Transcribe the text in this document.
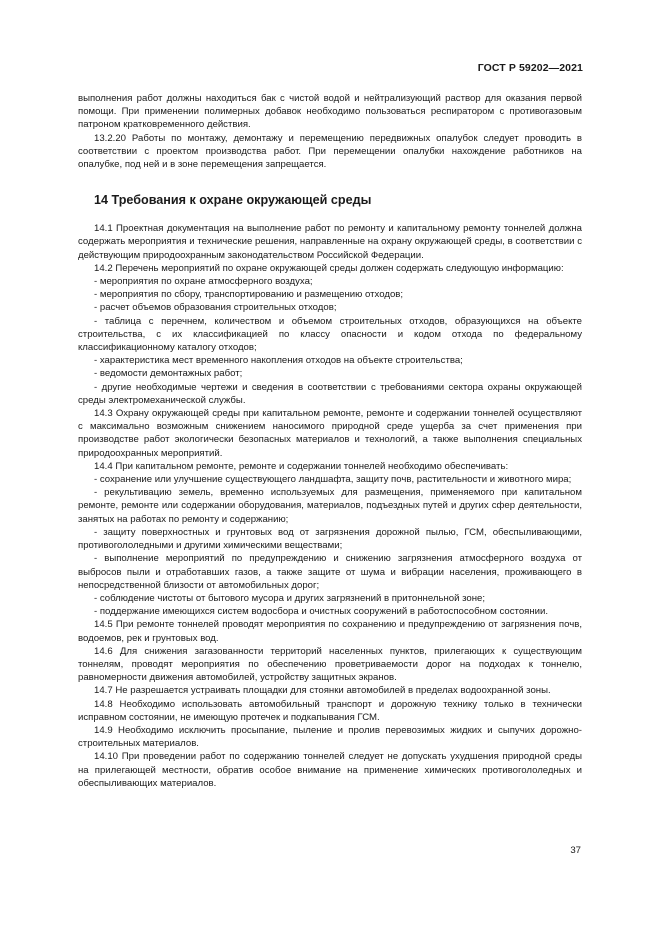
ГОСТ Р 59202—2021

выполнения работ должны находиться бак с чистой водой и нейтрализующий раствор для оказания первой помощи. При применении полимерных добавок необходимо пользоваться респиратором с противогазовым патроном кратковременного действия.

13.2.20 Работы по монтажу, демонтажу и перемещению передвижных опалубок следует проводить в соответствии с проектом производства работ. При перемещении опалубки нахождение работников на опалубке, под ней и в зоне перемещения запрещается.

14 Требования к охране окружающей среды

14.1 Проектная документация на выполнение работ по ремонту и капитальному ремонту тоннелей должна содержать мероприятия и технические решения, направленные на охрану окружающей среды, в соответствии с действующим природоохранным законодательством Российской Федерации.

14.2 Перечень мероприятий по охране окружающей среды должен содержать следующую информацию:

- мероприятия по охране атмосферного воздуха;

- мероприятия по сбору, транспортированию и размещению отходов;

- расчет объемов образования строительных отходов;

- таблица с перечнем, количеством и объемом строительных отходов, образующихся на объекте строительства, с их классификацией по классу опасности и кодом отхода по федеральному классификационному каталогу отходов;

- характеристика мест временного накопления отходов на объекте строительства;

- ведомости демонтажных работ;

- другие необходимые чертежи и сведения в соответствии с требованиями сектора охраны окружающей среды электромеханической службы.

14.3 Охрану окружающей среды при капитальном ремонте, ремонте и содержании тоннелей осуществляют с максимально возможным снижением наносимого природной среде ущерба за счет применения при производстве работ экологически безопасных материалов и технологий, а также выполнения специальных природоохранных мероприятий.

14.4 При капитальном ремонте, ремонте и содержании тоннелей необходимо обеспечивать:

- сохранение или улучшение существующего ландшафта, защиту почв, растительности и животного мира;

- рекультивацию земель, временно используемых для размещения, применяемого при капитальном ремонте, ремонте или содержании оборудования, материалов, подъездных путей и других сфер деятельности, занятых на работах по ремонту и содержанию;

- защиту поверхностных и грунтовых вод от загрязнения дорожной пылью, ГСМ, обеспыливающими, противогололедными и другими химическими веществами;

- выполнение мероприятий по предупреждению и снижению загрязнения атмосферного воздуха от выбросов пыли и отработавших газов, а также защите от шума и вибрации населения, проживающего в непосредственной близости от автомобильных дорог;

- соблюдение чистоты от бытового мусора и других загрязнений в притоннельной зоне;

- поддержание имеющихся систем водосбора и очистных сооружений в работоспособном состоянии.

14.5 При ремонте тоннелей проводят мероприятия по сохранению и предупреждению от загрязнения почв, водоемов, рек и грунтовых вод.

14.6 Для снижения загазованности территорий населенных пунктов, прилегающих к существующим тоннелям, проводят мероприятия по обеспечению проветриваемости дорог на подходах к тоннелю, равномерности движения автомобилей, устройству защитных экранов.

14.7 Не разрешается устраивать площадки для стоянки автомобилей в пределах водоохранной зоны.

14.8 Необходимо использовать автомобильный транспорт и дорожную технику только в технически исправном состоянии, не имеющую протечек и подкапывания ГСМ.

14.9 Необходимо исключить просыпание, пыление и пролив перевозимых жидких и сыпучих дорожно-строительных материалов.

14.10 При проведении работ по содержанию тоннелей следует не допускать ухудшения природной среды на прилегающей местности, обратив особое внимание на применение химических противогололедных и обеспыливающих материалов.

37
